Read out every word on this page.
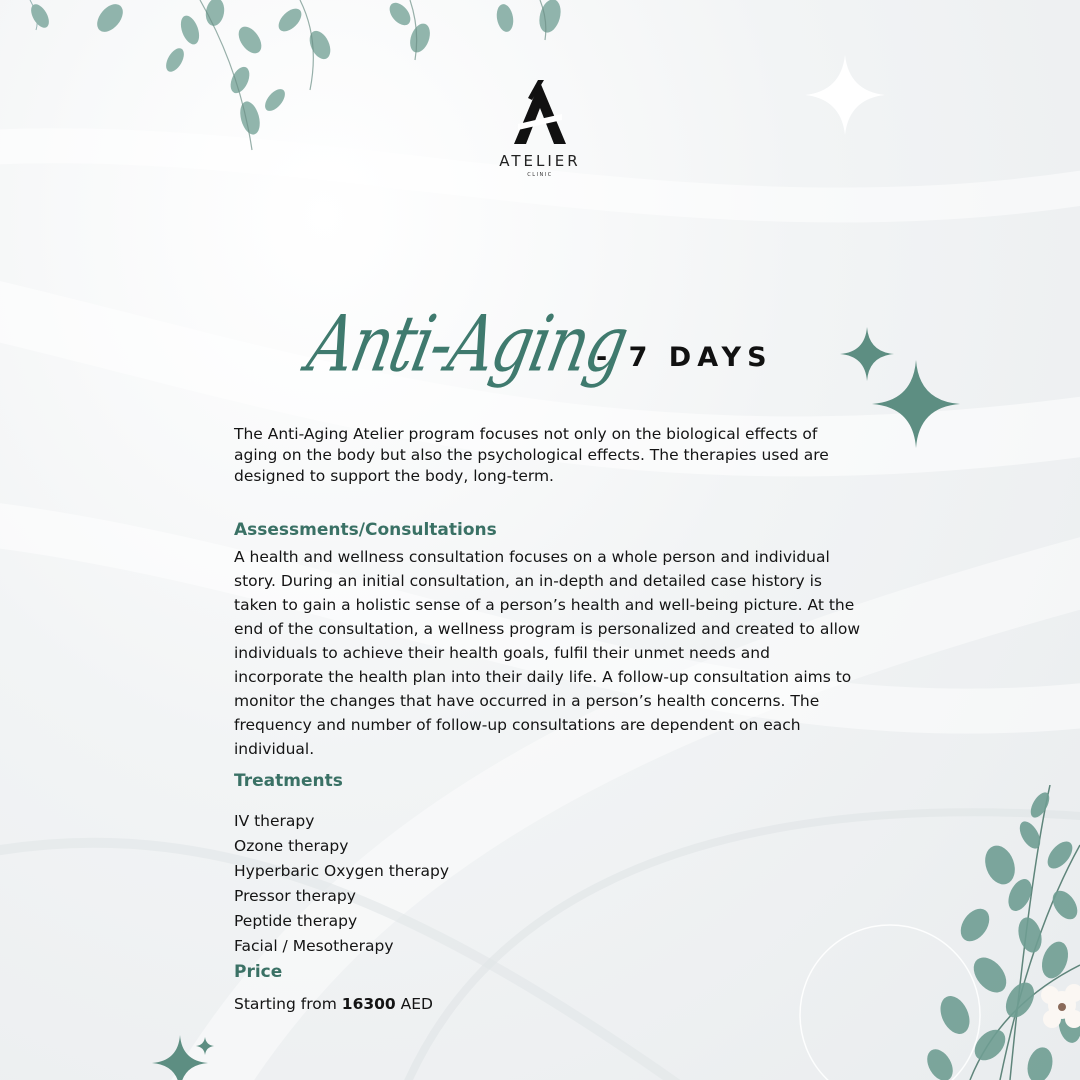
ATELIER
CLINIC
Anti-Aging
- 7 DAYS

The Anti-Aging Atelier program focuses not only on the biological effects of aging on the body but also the psychological effects. The therapies used are designed to support the body, long-term.

Assessments/Consultations

A health and wellness consultation focuses on a whole person and individual story. During an initial consultation, an in-depth and detailed case history is taken to gain a holistic sense of a person’s health and well-being picture. At the end of the consultation, a wellness program is personalized and created to allow individuals to achieve their health goals, fulfil their unmet needs and incorporate the health plan into their daily life. A follow-up consultation aims to monitor the changes that have occurred in a person’s health concerns. The frequency and number of follow-up consultations are dependent on each individual.

Treatments
IV therapy
Ozone therapy
Hyperbaric Oxygen therapy
Pressor therapy
Peptide therapy
Facial / Mesotherapy
Price

Starting from 16300 AED
